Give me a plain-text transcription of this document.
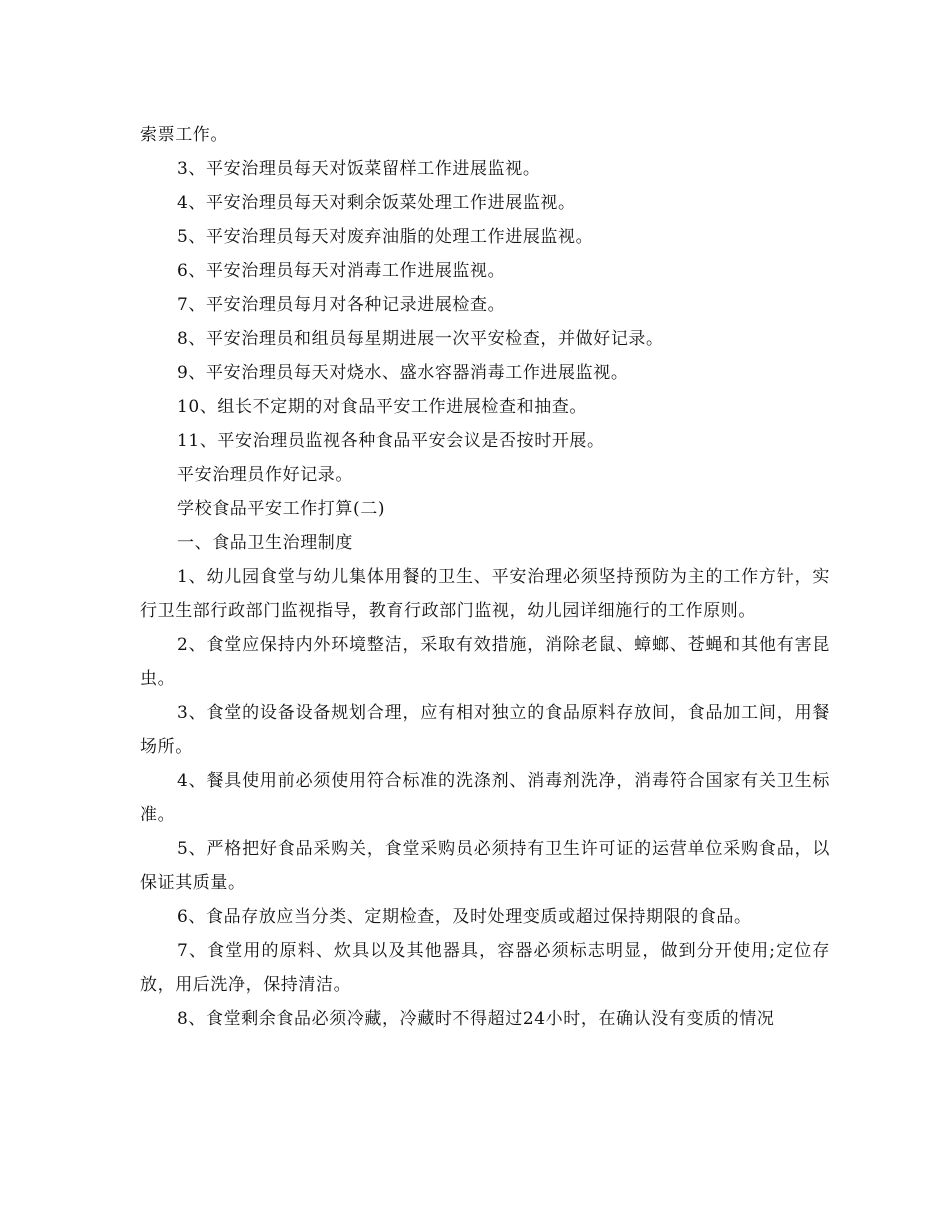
索票工作。

3、平安治理员每天对饭菜留样工作进展监视。

4、平安治理员每天对剩余饭菜处理工作进展监视。

5、平安治理员每天对废弃油脂的处理工作进展监视。

6、平安治理员每天对消毒工作进展监视。

7、平安治理员每月对各种记录进展检查。

8、平安治理员和组员每星期进展一次平安检查，并做好记录。

9、平安治理员每天对烧水、盛水容器消毒工作进展监视。

10、组长不定期的对食品平安工作进展检查和抽查。

11、平安治理员监视各种食品平安会议是否按时开展。

平安治理员作好记录。

学校食品平安工作打算(二)

一、食品卫生治理制度

1、幼儿园食堂与幼儿集体用餐的卫生、平安治理必须坚持预防为主的工作方针，实行卫生部行政部门监视指导，教育行政部门监视，幼儿园详细施行的工作原则。

2、食堂应保持内外环境整洁，采取有效措施，消除老鼠、蟑螂、苍蝇和其他有害昆虫。

3、食堂的设备设备规划合理，应有相对独立的食品原料存放间，食品加工间，用餐场所。

4、餐具使用前必须使用符合标准的洗涤剂、消毒剂洗净，消毒符合国家有关卫生标准。

5、严格把好食品采购关，食堂采购员必须持有卫生许可证的运营单位采购食品，以保证其质量。

6、食品存放应当分类、定期检查，及时处理变质或超过保持期限的食品。

7、食堂用的原料、炊具以及其他器具，容器必须标志明显，做到分开使用;定位存放，用后洗净，保持清洁。

8、食堂剩余食品必须冷藏，冷藏时不得超过24小时，在确认没有变质的情况
